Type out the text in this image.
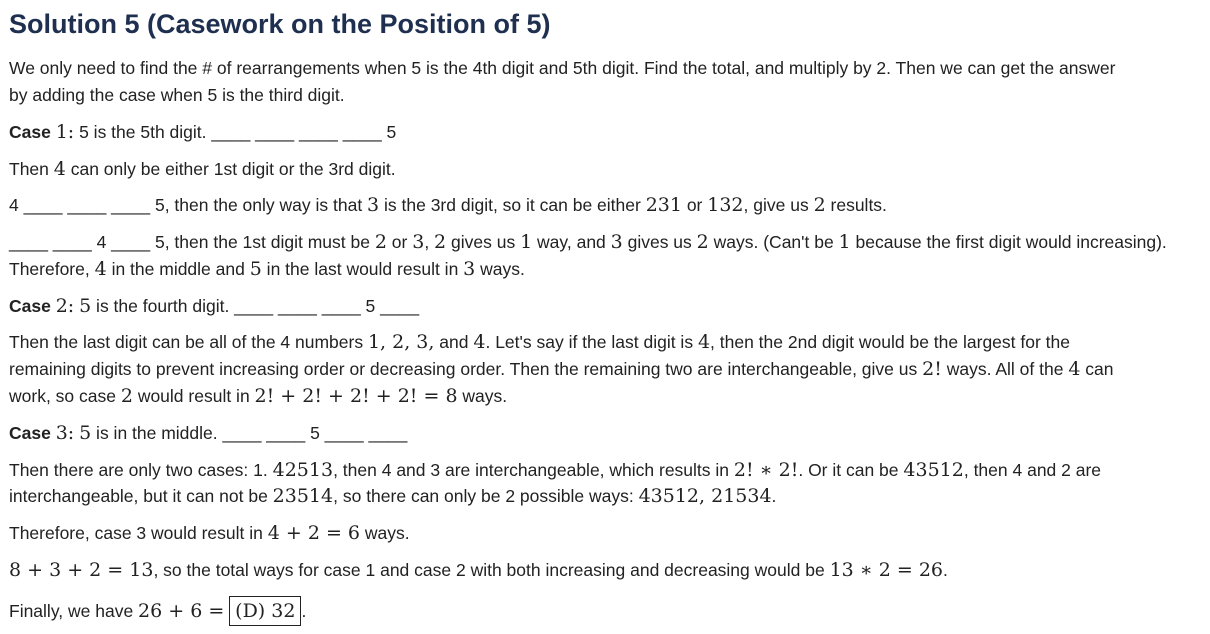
Solution 5 (Casework on the Position of 5)

We only need to find the # of rearrangements when 5 is the 4th digit and 5th digit. Find the total, and multiply by 2. Then we can get the answer

by adding the case when 5 is the third digit.

Case 1: 5 is the 5th digit. ____ ____ ____ ____ 5

Then 4 can only be either 1st digit or the 3rd digit.

4 ____ ____ ____ 5, then the only way is that 3 is the 3rd digit, so it can be either 231 or 132, give us 2 results.

____ ____ 4 ____ 5, then the 1st digit must be 2 or 3, 2 gives us 1 way, and 3 gives us 2 ways. (Can't be 1 because the first digit would increasing).

Therefore, 4 in the middle and 5 in the last would result in 3 ways.

Case 2: 5 is the fourth digit. ____ ____ ____ 5 ____

Then the last digit can be all of the 4 numbers 1, 2, 3, and 4. Let's say if the last digit is 4, then the 2nd digit would be the largest for the

remaining digits to prevent increasing order or decreasing order. Then the remaining two are interchangeable, give us 2! ways. All of the 4 can

work, so case 2 would result in 2! + 2! + 2! + 2! = 8 ways.

Case 3: 5 is in the middle. ____ ____ 5 ____ ____

Then there are only two cases: 1. 42513, then 4 and 3 are interchangeable, which results in 2! ∗ 2!. Or it can be 43512, then 4 and 2 are

interchangeable, but it can not be 23514, so there can only be 2 possible ways: 43512, 21534.

Therefore, case 3 would result in 4 + 2 = 6 ways.

8 + 3 + 2 = 13, so the total ways for case 1 and case 2 with both increasing and decreasing would be 13 ∗ 2 = 26.

Finally, we have 26 + 6 = (D) 32 .
